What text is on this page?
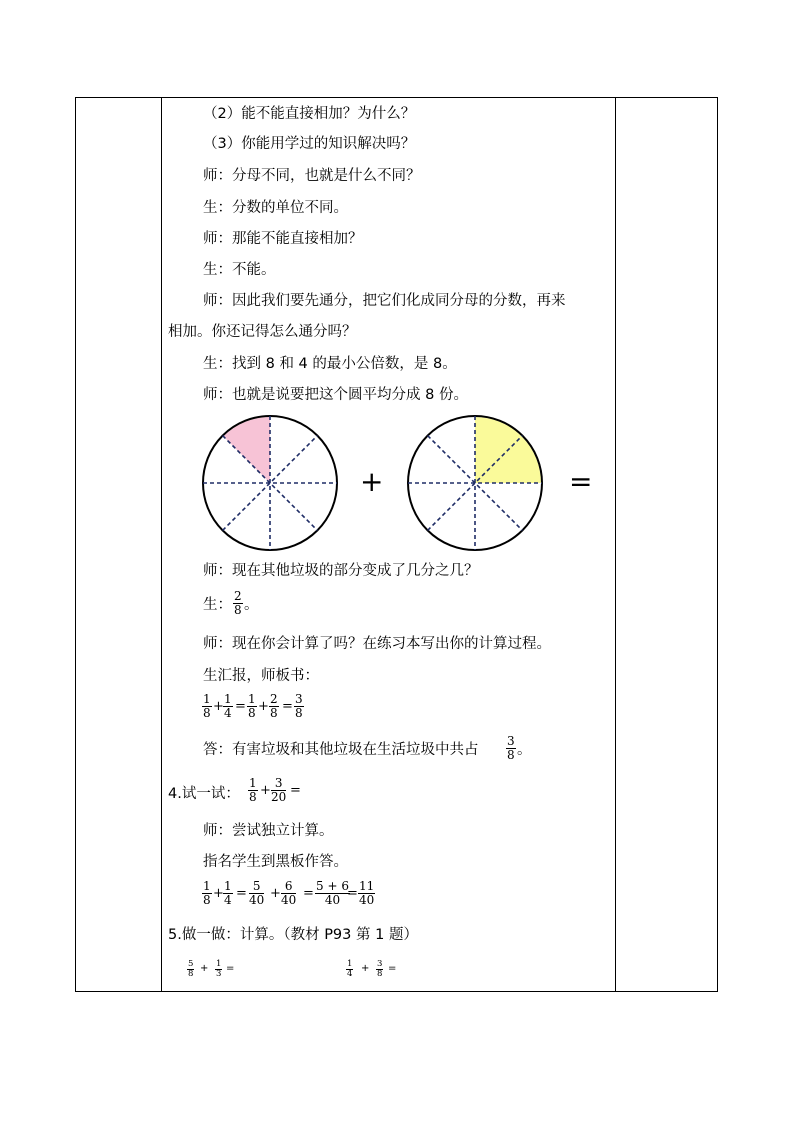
（2）能不能直接相加？为什么？
（3）你能用学过的知识解决吗？
师：分母不同，也就是什么不同？
生：分数的单位不同。
师：那能不能直接相加？
生：不能。
师：因此我们要先通分，把它们化成同分母的分数，再来
相加。你还记得怎么通分吗？
生：找到 8 和 4 的最小公倍数，是 8。
师：也就是说要把这个圆平均分成 8 份。
+	=
师：现在其他垃圾的部分变成了几分之几？
生：
2
8 。
师：现在你会计算了吗？在练习本写出你的计算过程。
生汇报，师板书：
1
8 + 1
4 = 1
8 + 2
8 = 3
8
答：有害垃圾和其他垃圾在生活垃圾中共占
3
8 。
4.试一试：
1
8 + 3
20 =
师：尝试独立计算。
指名学生到黑板作答。
1
8 + 1
4 = 5
40 + 6
40 = 5 + 6
40 = 11
40
5.做一做：计算。（教材 P93 第 1 题）
5
8 + 1
3 =	1
4 + 3
8 =
